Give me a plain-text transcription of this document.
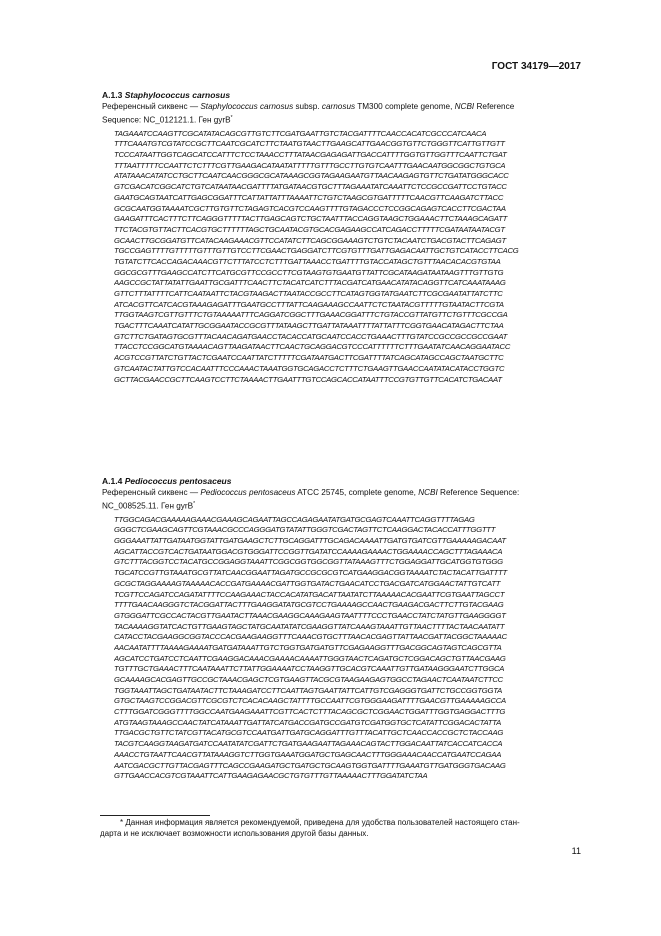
ГОСТ 34179—2017
A.1.3 Staphylococcus carnosus
Референсный сиквенс — Staphylococcus carnosus subsp. carnosus TM300 complete genome, NCBI Reference
Sequence: NC_012121.1. Ген gyrB*
TAGAAATCCAAGTTCGCATATACAGCGTTGTCTTCGATGAATTGTCTACGATTTTCAACCACATCGCCCATCAACA
TTTCAAATGTCGTATCCGCTTCAATCGCATCTTCTAATGTAACTTGAAGCATTGAACGGTGTTCTGGGTTCATTGTTGTT
TCCCATAATTGGTCAGCATCCATTTCTCCTAAACCTTTATAACGAGAGATTGACCATTTTGGTGTTGGTTTCAATTCTGAT
TTTAATTTTTCCAATTCTCTTTCGTTGAAGACATAATATTTTTGTTTGCCTTGTGTCAATTTGAACAATGGCGGCTGTGCA
ATATAAACATATCCTGCTTCAATCAACGGGCGCATAAAGCGGTAGAAGAATGTTAACAAGAGTGTTCTGATATGGGCACC
GTCGACATCGGCATCTGTCATAATAACGATTTTATGATAACGTGCTTTAGAAATATCAAATTCTCCGCCGATTCCTGTACC
GAATGCAGTAATCATTGAGCGGATTTCATTATTATTTAAAATTCTGTCTAAGCGTGATTTTTCAACGTTCAAGATCTTACC
GCGCAATGGTAAAATCGCTTGTGTTCTAGAGTCACGTCCAAGTTTTGTAGACCCTCCGGCAGAGTCACCTTCGACTAA
GAAGATTTCACTTTCTTCAGGGTTTTTACTTGAGCAGTCTGCTAATTTACCAGGTAAGCTGGAAACTTCTAAAGCAGATT
TTCTACGTGTTACTTCACGTGCTTTTTTAGCTGCAATACGTGCACGAGAAGCCATCAGACCTTTTTCGATAATAATACGT
GCAACTTGCGGATGTTCATACAAGAAACGTTCCATATCTTCAGCGGAAAGTCTGTCTACAATCTGACGTACTTCAGAGT
TGCCGAGTTTTGTTTTTGTTTGTTGTCCTTCGAACTGAGGATCTTCGTGTTTGATTGAGACAATTGCTGTCATACCTTCACG
TGTATCTTCACCAGACAAACGTTCTTTATCCTCTTTGATTAAACCTGATTTTGTACCATAGCTGTTTAACACACGTGTAA
GGCGCGTTTGAAGCCATCTTCATGCGTTCCGCCTTCGTAAGTGTGAATGTTATTCGCATAAGATAATAAGTTTGTTGTG
AAGCCGCTATTATATTGAATTGCGATTTCAACTTCTACATCATCTTTACGATCATGAACATATACAGGTTCATCAAATAAAG
GTTCTTTATTTTCATTCAATAATTCTACGTAAGACTTAATACCGCCTTCATAGTGGTATGAATCTTCGCGAATATTATCTTC
ATCACGTTCATCACGTAAAGAGATTTGAATGCCTTTATTCAAGAAAGCCAATTCTCTAATACGTTTTTGTAATACTTCGTA
TTGGTAAGTCGTTGTTTCTGTAAAAATTTCAGGATCGGCTTTGAAACGGATTTCTGTACCGTTATGTTCTGTTTCGCCGA
TGACTTTCAAATCATATTGCGGAATACCGCGTTTATAAGCTTGATTATAAATTTTATTATTTCGGTGAACATAGACTTCTAA
GTCTTCTGATAGTGCGTTTACAACAGATGAACCTACACCATGCAATCCACCTGAAACTTTGTATCCGCCGCCGCCGAAT
TTACCTCCGGCATGTAAAACAGTTAAGATAACTTCAACTGCAGGACGTCCCATTTTTTCTTTGAATATCAACAGGAATACC
ACGTCCGTTATCTGTTACTCGAATCCAATTATCTTTTTCGATAATGACTTCGATTTTATCAGCATAGCCAGCTAATGCTTC
GTCAATACTATTGTCCACAATTTCCCAAACTAAATGGTGCAGACCTCTTTCTGAAGTTGAACCAATATACATACCTGGTC
GCTTACGAACCGCTTCAAGTCCTTCTAAAACTTGAATTTGTCCAGCACCATAATTTCCGTGTTGTTCACATCTGACAAT
A.1.4 Pediococcus pentosaceus
Референсный сиквенс — Pediococcus pentosaceus ATCC 25745, complete genome, NCBI Reference Sequence:
NC_008525.11. Ген gyrB*
TTGGCAGACGAAAAAGAAACGAAAGCAGAATTAGCCAGAGAATATGATGCGAGTCAAATTCAGGTTTTAGAG
GGGCTCGAAGCAGTTCGTAAACGCCCAGGGATGTATATTGGGTCGACTAGTTCTCAAGGACTACACCATTTGGTTT
GGGAAATTATTGATAATGGTATTGATGAAGCTCTTGCAGGATTTGCAGACAAAATTGATGTGATCGTTGAAAAAGACAAT
AGCATTACCGTCACTGATAATGGACGTGGGATTCCGGTTGATATCCAAAAGAAAACTGGAAAACCAGCTTTAGAAACA
GTCTTTACGGTCCTACATGCCGGAGGTAAATTCGGCGGTGGCGGTTATAAAGTTTCTGGAGGATTGCATGGTGTGGG
TGCATCCGTTGTAAATGCGTTATCAACGGAATTAGATGCCGCGCGTCATGAAGGACGGTAAAATCTACTACATTGATTTT
GCGCTAGGAAAAGTAAAAACACCGATGAAAACGATTGGTGATACTGAACATCCTGACGATCATGGAACTATTGTCATT
TCGTTCCAGATCCAGATATTTTCCAAGAAACTACCACATATGACATTAATATCTTAAAAACACGAATTCGTGAATTAGCCT
TTTTGAACAAGGGTCTACGGATTACTTTGAAGGATATGCGTCCTGAAAAGCCAACTGAAGACGACTTCTTGTACGAAG
GTGGGATTCGCCACTACGTTGAATACTTAAACGAAGGCAAAGAAGTAATTTTCCCTGAACCTATCTATGTTGAAGGGGT
TACAAAAGGTATCACTGTTGAAGTAGCTATGCAATATATCGAAGGTTATCAAAGTAAATTGTTAACTTTTACTAACAATATT
CATACCTACGAAGGCGGTACCCACGAAGAAGGTTTCAAACGTGCTTTAACACGAGTTATTAACGATTACGGCTAAAAAC
AACAATATTTTAAAAGAAAATGATGATAAATTGTCTGGTGATGATGTTCGAGAAGGTTTGACGGCAGTAGTCAGCGTTA
AGCATCCTGATCCTCAATTCGAAGGACAAACGAAAACAAAATTGGGTAACTCAGATGCTCGGACAGCTGTTAACGAAG
TGTTTGCTGAAACTTTCAATAAATTCTTATTGGAAAATCCTAAGGTTGCACGTCAAATTGTTGATAAGGGAATCTTGGCA
GCAAAAGCACGAGTTGCCGCTAAACGAGCTCGTGAAGTTACGCGTAAGAAGAGTGGCCTAGAACTCAATAATCTTCC
TGGTAAATTAGCTGATAATACTTCTAAAGATCCTTCAATTAGTGAATTATTCATTGTCGAGGGTGATTCTGCCGGTGGTA
GTGCTAAGTCCGGACGTTCGCGTCTCACACAAGCTATTTTGCCAATTCGTGGGAAGATTTTGAACGTTGAAAAAGCCA
CTTTGGATCGGGTTTTGGCCAATGAAGAAATTCGTTCACTCTTTACAGCGCTCGGAACTGGATTTGGTGAGGACTTTG
ATGTAAGTAAAGCCAACTATCATAAATTGATTATCATGACCGATGCCGATGTCGATGGTGCTCATATTCGGACACTATTA
TTGACGCTGTTCTATCGTTACATGCGTCCAATGATTGATGCAGGATTTGTTTACATTGCTCAACCACCGCTCTACCAAG
TACGTCAAGGTAAGATGATCCAATATATCGATTCTGATGAAGAATTAGAAACAGTACTTGGACAATTATCACCATCACCA
AAACCTGTAATTCAACGTTATAAAGGTCTTGGTGAAATGGATGCTGAGCAACTTTGGGAAACAACCATGAATCCAGAA
AATCGACGCTTGTTACGAGTTTCAGCCGAAGATGCTGATGCTGCAAGTGGTGATTTTGAAATGTTGATGGGTGACAAG
GTTGAACCACGTCGTAAATTCATTGAAGAGAACGCTGTGTTTGTTAAAAACTTTGGATATCTAA
* Данная информация является рекомендуемой, приведена для удобства пользователей настоящего стан-
дарта и не исключает возможности использования другой базы данных.
11
